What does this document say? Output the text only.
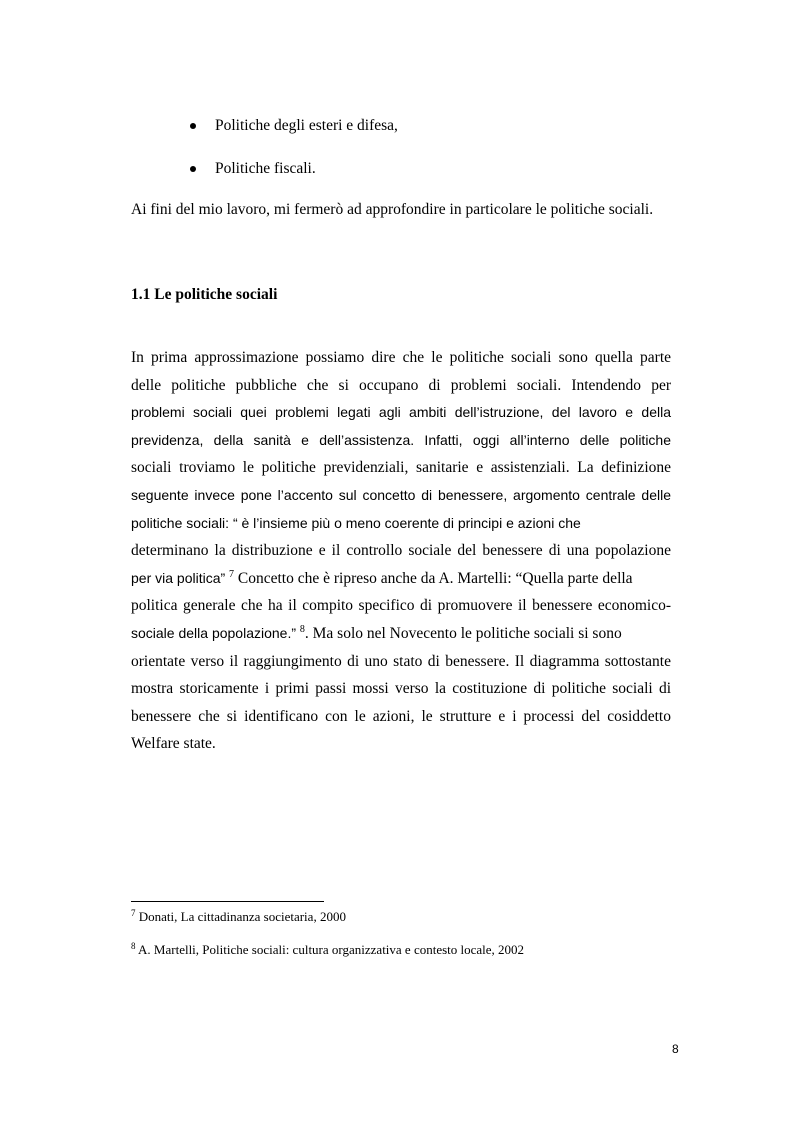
Politiche degli esteri e difesa,
Politiche fiscali.

Ai fini del mio lavoro, mi fermerò ad approfondire in particolare le politiche sociali.

1.1 Le politiche sociali
In prima approssimazione possiamo dire che le politiche sociali sono quella parte
delle politiche pubbliche che si occupano di problemi sociali. Intendendo per
problemi sociali quei problemi legati agli ambiti dell’istruzione, del lavoro e della
previdenza, della sanità e dell’assistenza. Infatti, oggi all’interno delle politiche
sociali troviamo le politiche previdenziali, sanitarie e assistenziali. La definizione
seguente invece pone l’accento sul concetto di benessere, argomento centrale delle
politiche sociali: “ è l’insieme più o meno coerente di principi e azioni che
determinano la distribuzione e il controllo sociale del benessere di una popolazione
per via politica” $^7$ Concetto che è ripreso anche da A. Martelli: “Quella parte della
politica generale che ha il compito specifico di promuovere il benessere economico-
sociale della popolazione.” $^8$. Ma solo nel Novecento le politiche sociali si sono
orientate verso il raggiungimento di uno stato di benessere. Il diagramma sottostante
mostra storicamente i primi passi mossi verso la costituzione di politiche sociali di
benessere che si identificano con le azioni, le strutture e i processi del cosiddetto
Welfare state.

$^7$ Donati, La cittadinanza societaria, 2000

$^8$ A. Martelli, Politiche sociali: cultura organizzativa e contesto locale, 2002

8
